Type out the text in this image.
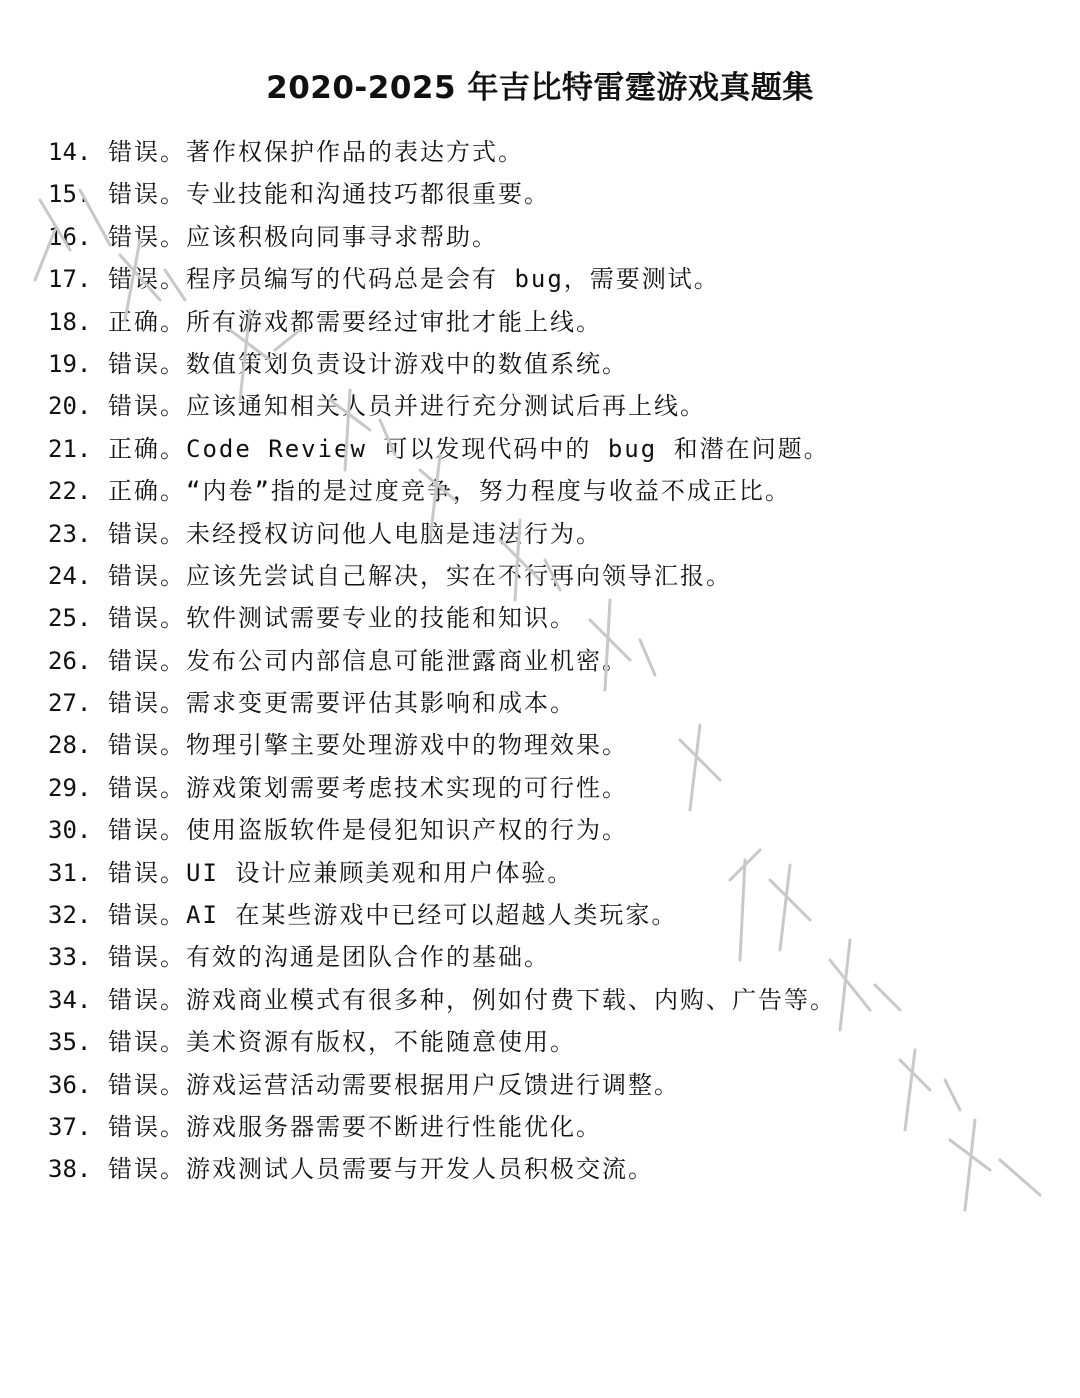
2020-2025 年吉比特雷霆游戏真题集
14. 错误。著作权保护作品的表达方式。
15. 错误。专业技能和沟通技巧都很重要。
16. 错误。应该积极向同事寻求帮助。
17. 错误。程序员编写的代码总是会有 bug，需要测试。
18. 正确。所有游戏都需要经过审批才能上线。
19. 错误。数值策划负责设计游戏中的数值系统。
20. 错误。应该通知相关人员并进行充分测试后再上线。
21. 正确。Code Review 可以发现代码中的 bug 和潜在问题。
22. 正确。“内卷”指的是过度竞争，努力程度与收益不成正比。
23. 错误。未经授权访问他人电脑是违法行为。
24. 错误。应该先尝试自己解决，实在不行再向领导汇报。
25. 错误。软件测试需要专业的技能和知识。
26. 错误。发布公司内部信息可能泄露商业机密。
27. 错误。需求变更需要评估其影响和成本。
28. 错误。物理引擎主要处理游戏中的物理效果。
29. 错误。游戏策划需要考虑技术实现的可行性。
30. 错误。使用盗版软件是侵犯知识产权的行为。
31. 错误。UI 设计应兼顾美观和用户体验。
32. 错误。AI 在某些游戏中已经可以超越人类玩家。
33. 错误。有效的沟通是团队合作的基础。
34. 错误。游戏商业模式有很多种，例如付费下载、内购、广告等。
35. 错误。美术资源有版权，不能随意使用。
36. 错误。游戏运营活动需要根据用户反馈进行调整。
37. 错误。游戏服务器需要不断进行性能优化。
38. 错误。游戏测试人员需要与开发人员积极交流。
